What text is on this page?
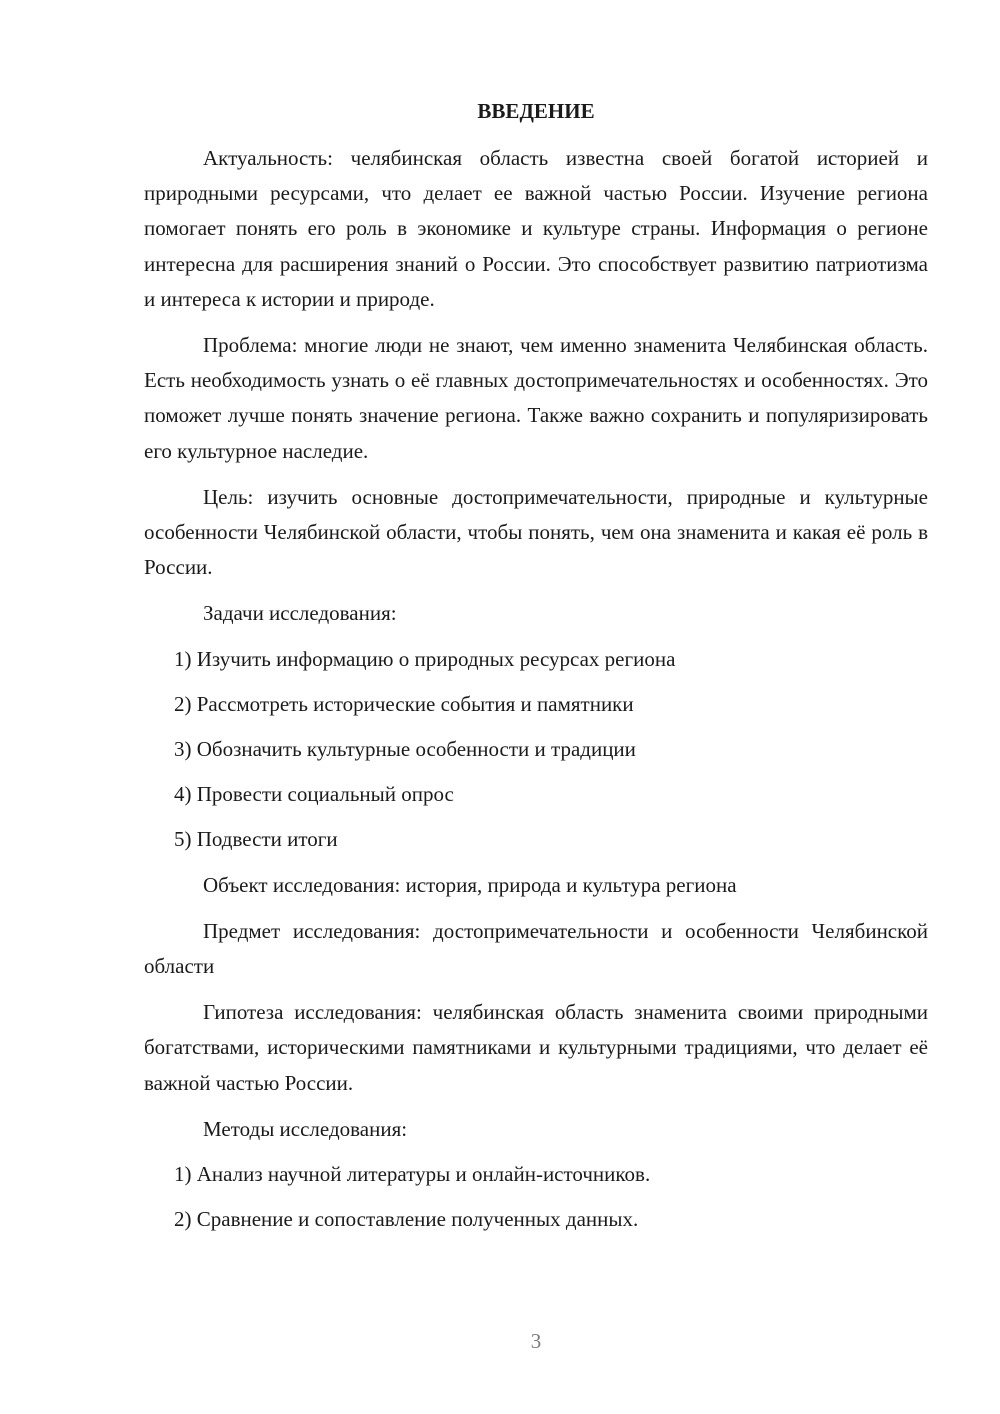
ВВЕДЕНИЕ
Актуальность: челябинская область известна своей богатой историей и природными ресурсами, что делает ее важной частью России. Изучение региона помогает понять его роль в экономике и культуре страны. Информация о регионе интересна для расширения знаний о России. Это способствует развитию патриотизма и интереса к истории и природе.
Проблема: многие люди не знают, чем именно знаменита Челябинская область. Есть необходимость узнать о её главных достопримечательностях и особенностях. Это поможет лучше понять значение региона. Также важно сохранить и популяризировать его культурное наследие.
Цель: изучить основные достопримечательности, природные и культурные особенности Челябинской области, чтобы понять, чем она знаменита и какая её роль в России.
Задачи исследования:
1) Изучить информацию о природных ресурсах региона
2) Рассмотреть исторические события и памятники
3) Обозначить культурные особенности и традиции
4) Провести социальный опрос
5) Подвести итоги
Объект исследования: история, природа и культура региона
Предмет исследования: достопримечательности и особенности Челябинской области
Гипотеза исследования: челябинская область знаменита своими природными богатствами, историческими памятниками и культурными традициями, что делает её важной частью России.
Методы исследования:
1) Анализ научной литературы и онлайн-источников.
2) Сравнение и сопоставление полученных данных.
3
